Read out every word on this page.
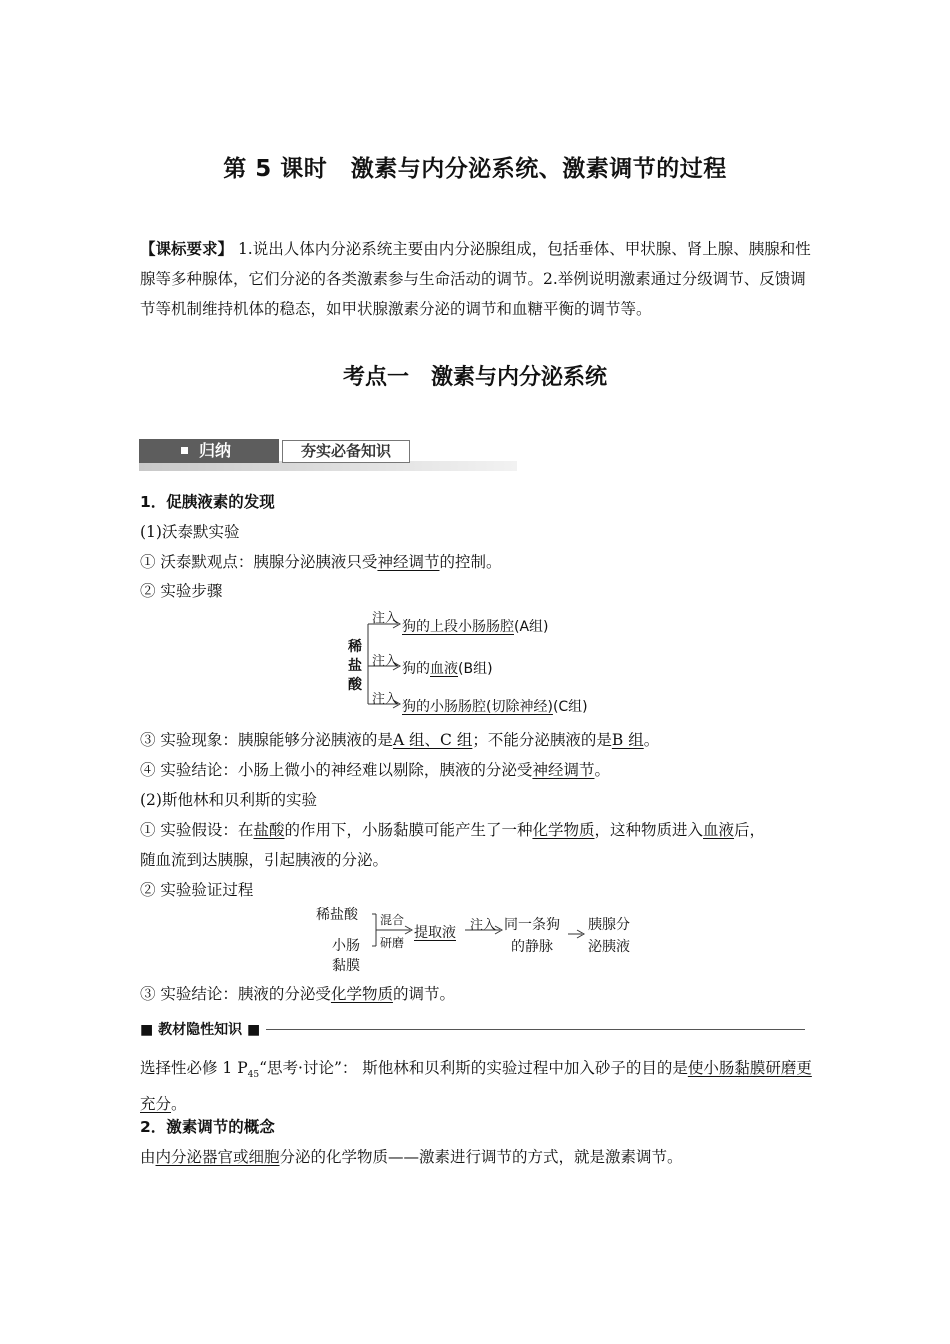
第 5 课时　激素与内分泌系统、激素调节的过程
【课标要求】 1.说出人体内分泌系统主要由内分泌腺组成，包括垂体、甲状腺、肾上腺、胰腺和性腺等多种腺体，它们分泌的各类激素参与生命活动的调节。2.举例说明激素通过分级调节、反馈调节等机制维持机体的稳态，如甲状腺激素分泌的调节和血糖平衡的调节等。
考点一　激素与内分泌系统
归纳	夯实必备知识
1．促胰液素的发现
(1)沃泰默实验
① 沃泰默观点：胰腺分泌胰液只受神经调节的控制。
② 实验步骤
稀
盐
酸
注入
注入
注入
狗的上段小肠肠腔(A组)
狗的血液(B组)
狗的小肠肠腔(切除神经)(C组)
③ 实验现象：胰腺能够分泌胰液的是A 组、C 组；不能分泌胰液的是B 组。
④ 实验结论：小肠上微小的神经难以剔除，胰液的分泌受神经调节。
(2)斯他林和贝利斯的实验
① 实验假设：在盐酸的作用下，小肠黏膜可能产生了一种化学物质，这种物质进入血液后，
随血流到达胰腺，引起胰液的分泌。
② 实验验证过程
稀盐酸
小肠
黏膜
混合
研磨
提取液 注入 同一条狗
的静脉
胰腺分
泌胰液
③ 实验结论：胰液的分泌受化学物质的调节。
■ 教材隐性知识 ■
选择性必修 1 $P_{45}“$思考·讨论”： 斯他林和贝利斯的实验过程中加入砂子的目的是使小肠黏膜研磨更充分。
2．激素调节的概念
由内分泌器官或细胞分泌的化学物质——激素进行调节的方式，就是激素调节。
